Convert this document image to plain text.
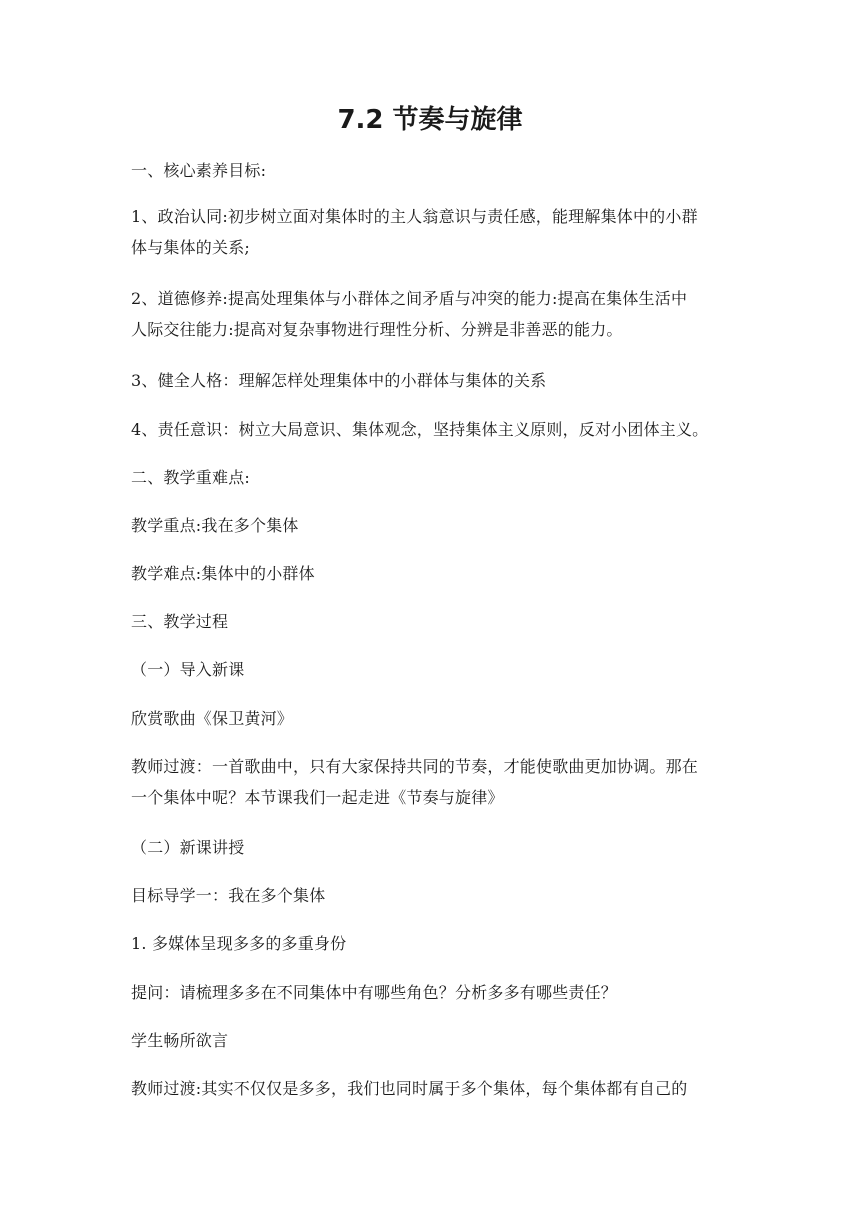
7.2 节奏与旋律

一、核心素养目标:

1、政治认同:初步树立面对集体时的主人翁意识与责任感，能理解集体中的小群
体与集体的关系;

2、道德修养:提高处理集体与小群体之间矛盾与冲突的能力:提高在集体生活中
人际交往能力:提高对复杂事物进行理性分析、分辨是非善恶的能力。

3、健全人格：理解怎样处理集体中的小群体与集体的关系

4、责任意识：树立大局意识、集体观念，坚持集体主义原则，反对小团体主义。

二、教学重难点:

教学重点:我在多个集体

教学难点:集体中的小群体

三、教学过程

（一）导入新课

欣赏歌曲《保卫黄河》

教师过渡：一首歌曲中，只有大家保持共同的节奏，才能使歌曲更加协调。那在
一个集体中呢？本节课我们一起走进《节奏与旋律》

（二）新课讲授

目标导学一：我在多个集体

1. 多媒体呈现多多的多重身份

提问：请梳理多多在不同集体中有哪些角色？分析多多有哪些责任？

学生畅所欲言

教师过渡:其实不仅仅是多多，我们也同时属于多个集体，每个集体都有自己的
